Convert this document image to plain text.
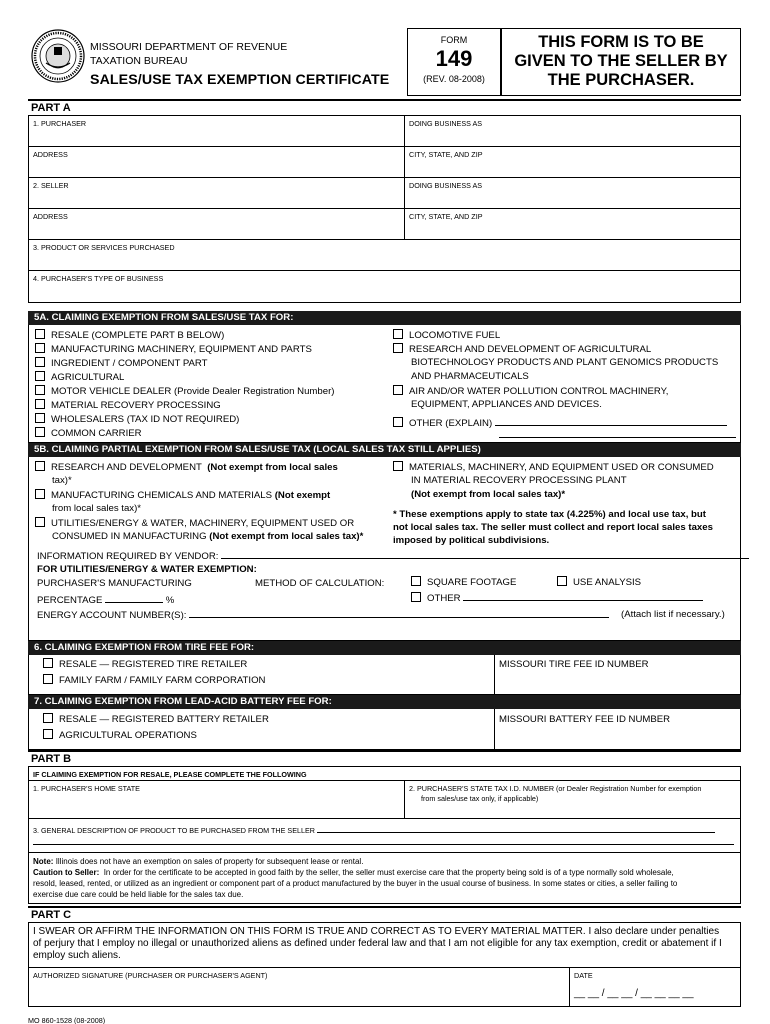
MISSOURI DEPARTMENT OF REVENUE
TAXATION BUREAU
SALES/USE TAX EXEMPTION CERTIFICATE
FORM
149
(REV. 08-2008)
THIS FORM IS TO BE
GIVEN TO THE SELLER BY
THE PURCHASER.
PART A
1. PURCHASER	DOING BUSINESS AS
ADDRESS	CITY, STATE, AND ZIP
2. SELLER	DOING BUSINESS AS
ADDRESS	CITY, STATE, AND ZIP
3. PRODUCT OR SERVICES PURCHASED
4. PURCHASER'S TYPE OF BUSINESS
5A. CLAIMING EXEMPTION FROM SALES/USE TAX FOR:
RESALE (COMPLETE PART B BELOW)
MANUFACTURING MACHINERY, EQUIPMENT AND PARTS
INGREDIENT / COMPONENT PART
AGRICULTURAL
MOTOR VEHICLE DEALER (Provide Dealer Registration Number)
MATERIAL RECOVERY PROCESSING
WHOLESALERS (TAX ID NOT REQUIRED)
COMMON CARRIER
LOCOMOTIVE FUEL
RESEARCH AND DEVELOPMENT OF AGRICULTURAL
BIOTECHNOLOGY PRODUCTS AND PLANT GENOMICS PRODUCTS
AND PHARMACEUTICALS
AIR AND/OR WATER POLLUTION CONTROL MACHINERY,
EQUIPMENT, APPLIANCES AND DEVICES.
OTHER (EXPLAIN)
5B. CLAIMING PARTIAL EXEMPTION FROM SALES/USE TAX (LOCAL SALES TAX STILL APPLIES)
RESEARCH AND DEVELOPMENT (Not exempt from local sales
tax)*
MANUFACTURING CHEMICALS AND MATERIALS (Not exempt
from local sales tax)*
UTILITIES/ENERGY & WATER, MACHINERY, EQUIPMENT USED OR
CONSUMED IN MANUFACTURING (Not exempt from local sales tax)*
MATERIALS, MACHINERY, AND EQUIPMENT USED OR CONSUMED
IN MATERIAL RECOVERY PROCESSING PLANT
(Not exempt from local sales tax)*
* These exemptions apply to state tax (4.225%) and local use tax, but
not local sales tax. The seller must collect and report local sales taxes
imposed by political subdivisions.
INFORMATION REQUIRED BY VENDOR:
FOR UTILITIES/ENERGY & WATER EXEMPTION:
PURCHASER'S MANUFACTURING	METHOD OF CALCULATION:	SQUARE FOOTAGE	USE ANALYSIS
PERCENTAGE	%	OTHER
ENERGY ACCOUNT NUMBER(S):	(Attach list if necessary.)
6. CLAIMING EXEMPTION FROM TIRE FEE FOR:
RESALE — REGISTERED TIRE RETAILER
FAMILY FARM / FAMILY FARM CORPORATION
MISSOURI TIRE FEE ID NUMBER
7. CLAIMING EXEMPTION FROM LEAD-ACID BATTERY FEE FOR:
RESALE — REGISTERED BATTERY RETAILER
AGRICULTURAL OPERATIONS
MISSOURI BATTERY FEE ID NUMBER
PART B
IF CLAIMING EXEMPTION FOR RESALE, PLEASE COMPLETE THE FOLLOWING
1. PURCHASER'S HOME STATE	2. PURCHASER'S STATE TAX I.D. NUMBER (or Dealer Registration Number for exemption
from sales/use tax only, if applicable)
3. GENERAL DESCRIPTION OF PRODUCT TO BE PURCHASED FROM THE SELLER
Note: Illinois does not have an exemption on sales of property for subsequent lease or rental.
Caution to Seller: In order for the certificate to be accepted in good faith by the seller, the seller must exercise care that the property being sold is of a type normally sold wholesale,
resold, leased, rented, or utilized as an ingredient or component part of a product manufactured by the buyer in the usual course of business. In some states or cities, a seller failing to
exercise due care could be held liable for the sales tax due.
PART C
I SWEAR OR AFFIRM THE INFORMATION ON THIS FORM IS TRUE AND CORRECT AS TO EVERY MATERIAL MATTER. I also declare under penalties
of perjury that I employ no illegal or unauthorized aliens as defined under federal law and that I am not eligible for any tax exemption, credit or abatement if I
employ such aliens.
AUTHORIZED SIGNATURE (PURCHASER OR PURCHASER'S AGENT)	DATE
__ __ / __ __ / __ __ __ __
MO 860-1528 (08-2008)
